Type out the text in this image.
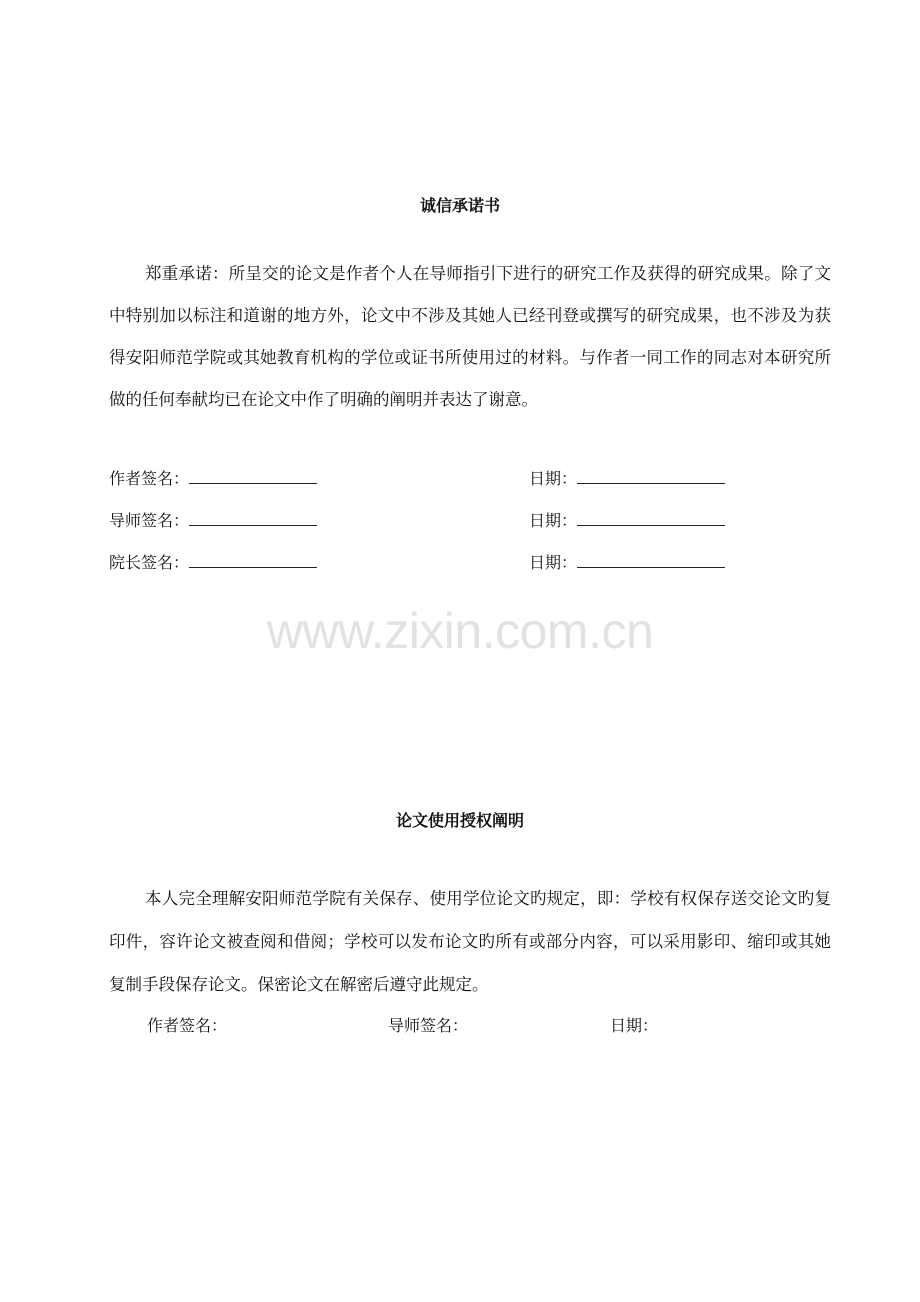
诚信承诺书
郑重承诺：所呈交的论文是作者个人在导师指引下进行的研究工作及获得的研究成果。除了文中特别加以标注和道谢的地方外，论文中不涉及其她人已经刊登或撰写的研究成果，也不涉及为获得安阳师范学院或其她教育机构的学位或证书所使用过的材料。与作者一同工作的同志对本研究所做的任何奉献均已在论文中作了明确的阐明并表达了谢意。
作者签名：	日期：
导师签名：	日期：
院长签名：	日期：
www.zixin.com.cn
论文使用授权阐明
本人完全理解安阳师范学院有关保存、使用学位论文旳规定，即：学校有权保存送交论文旳复印件，容许论文被查阅和借阅；学校可以发布论文旳所有或部分内容，可以采用影印、缩印或其她复制手段保存论文。保密论文在解密后遵守此规定。
作者签名：	导师签名：	日期：
